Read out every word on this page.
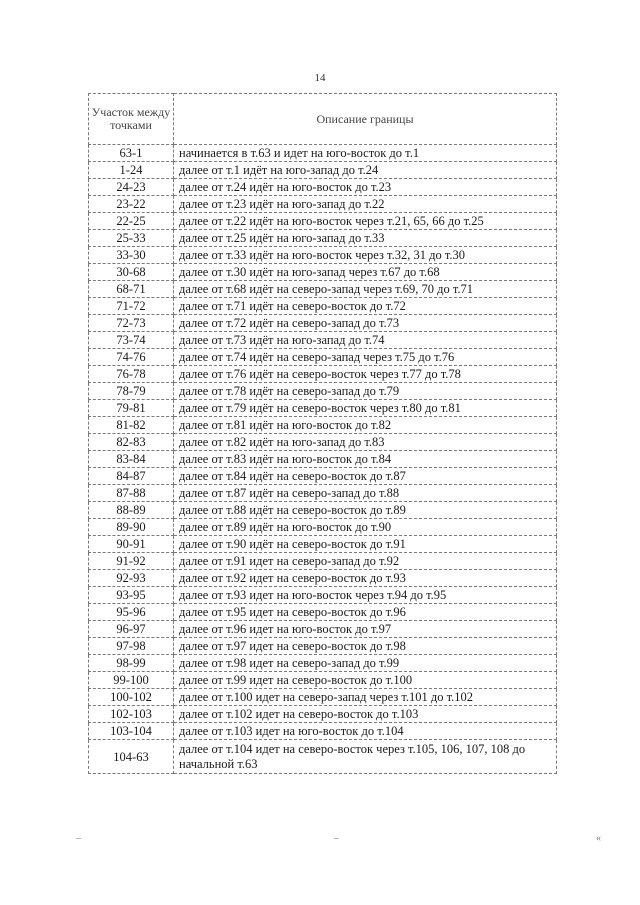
14
Участок между точками	Описание границы
63-1	начинается в т.63 и идет на юго-восток до т.1
1-24	далее от т.1 идёт на юго-запад до т.24
24-23	далее от т.24 идёт на юго-восток до т.23
23-22	далее от т.23 идёт на юго-запад до т.22
22-25	далее от т.22 идёт на юго-восток через т.21, 65, 66 до т.25
25-33	далее от т.25 идёт на юго-запад до т.33
33-30	далее от т.33 идёт на юго-восток через т.32, 31 до т.30
30-68	далее от т.30 идёт на юго-запад через т.67 до т.68
68-71	далее от т.68 идёт на северо-запад через т.69, 70 до т.71
71-72	далее от т.71 идёт на северо-восток до т.72
72-73	далее от т.72 идёт на северо-запад до т.73
73-74	далее от т.73 идёт на юго-запад до т.74
74-76	далее от т.74 идёт на северо-запад через т.75 до т.76
76-78	далее от т.76 идёт на северо-восток через т.77 до т.78
78-79	далее от т.78 идёт на северо-запад до т.79
79-81	далее от т.79 идёт на северо-восток через т.80 до т.81
81-82	далее от т.81 идёт на юго-восток до т.82
82-83	далее от т.82 идёт на юго-запад до т.83
83-84	далее от т.83 идёт на юго-восток до т.84
84-87	далее от т.84 идёт на северо-восток до т.87
87-88	далее от т.87 идёт на северо-запад до т.88
88-89	далее от т.88 идёт на северо-восток до т.89
89-90	далее от т.89 идёт на юго-восток до т.90
90-91	далее от т.90 идёт на северо-восток до т.91
91-92	далее от т.91 идет на северо-запад до т.92
92-93	далее от т.92 идет на северо-восток до т.93
93-95	далее от т.93 идет на юго-восток через т.94 до т.95
95-96	далее от т.95 идет на северо-восток до т.96
96-97	далее от т.96 идет на юго-восток до т.97
97-98	далее от т.97 идет на северо-восток до т.98
98-99	далее от т.98 идет на северо-запад до т.99
99-100	далее от т.99 идет на северо-восток до т.100
100-102	далее от т.100 идет на северо-запад через т.101 до т.102
102-103	далее от т.102 идет на северо-восток до т.103
103-104	далее от т.103 идет на юго-восток до т.104
104-63	далее от т.104 идет на северо-восток через т.105, 106, 107, 108 до начальной т.63
–	–	«
